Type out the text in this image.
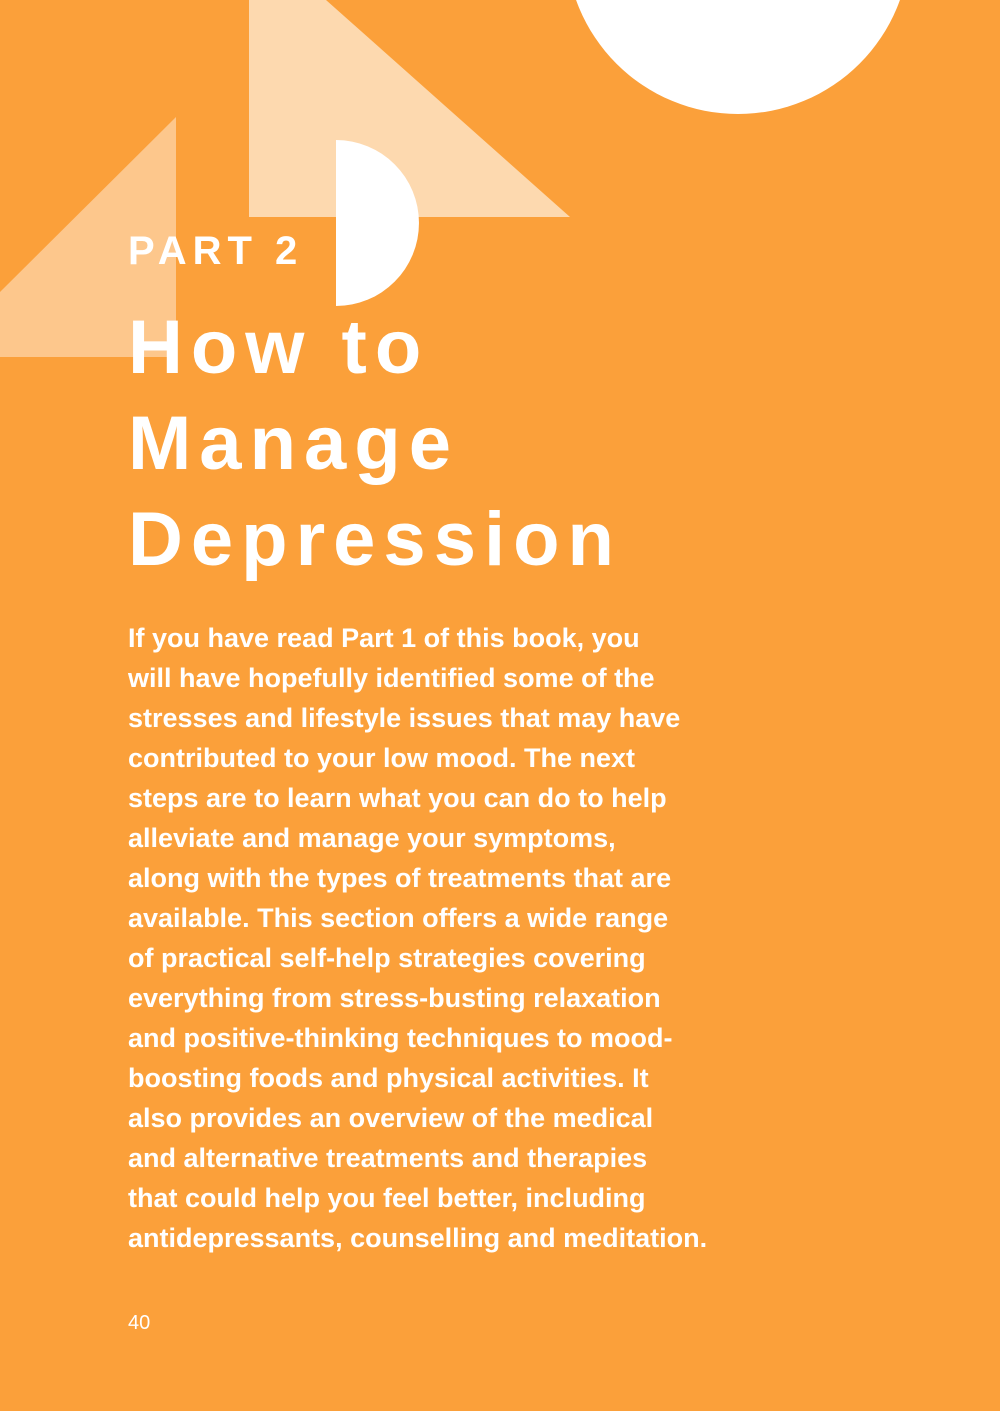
PART 2
How to
Manage
Depression
If you have read Part 1 of this book, you
will have hopefully identified some of the
stresses and lifestyle issues that may have
contributed to your low mood. The next
steps are to learn what you can do to help
alleviate and manage your symptoms,
along with the types of treatments that are
available. This section offers a wide range
of practical self-help strategies covering
everything from stress-busting relaxation
and positive-thinking techniques to mood-
boosting foods and physical activities. It
also provides an overview of the medical
and alternative treatments and therapies
that could help you feel better, including
antidepressants, counselling and meditation.
40
